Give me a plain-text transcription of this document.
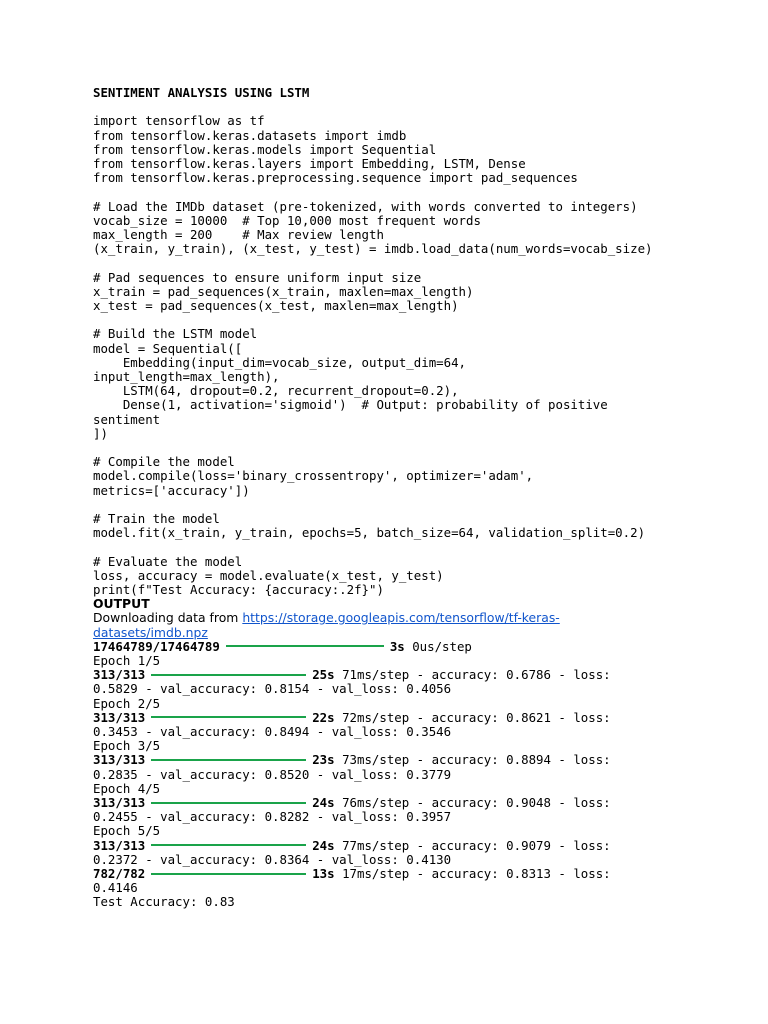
SENTIMENT ANALYSIS USING LSTM
import tensorflow as tf
from tensorflow.keras.datasets import imdb
from tensorflow.keras.models import Sequential
from tensorflow.keras.layers import Embedding, LSTM, Dense
from tensorflow.keras.preprocessing.sequence import pad_sequences
# Load the IMDb dataset (pre-tokenized, with words converted to integers)
vocab_size = 10000  # Top 10,000 most frequent words
max_length = 200    # Max review length
(x_train, y_train), (x_test, y_test) = imdb.load_data(num_words=vocab_size)
# Pad sequences to ensure uniform input size
x_train = pad_sequences(x_train, maxlen=max_length)
x_test = pad_sequences(x_test, maxlen=max_length)
# Build the LSTM model
model = Sequential([
Embedding(input_dim=vocab_size, output_dim=64,
input_length=max_length),
LSTM(64, dropout=0.2, recurrent_dropout=0.2),
Dense(1, activation='sigmoid')  # Output: probability of positive
sentiment
])
# Compile the model
model.compile(loss='binary_crossentropy', optimizer='adam',
metrics=['accuracy'])
# Train the model
model.fit(x_train, y_train, epochs=5, batch_size=64, validation_split=0.2)
# Evaluate the model
loss, accuracy = model.evaluate(x_test, y_test)
print(f"Test Accuracy: {accuracy:.2f}")
OUTPUT
Downloading data from https://storage.googleapis.com/tensorflow/tf-keras-
datasets/imdb.npz
17464789/17464789	3s 0us/step
Epoch 1/5
313/313	25s 71ms/step - accuracy: 0.6786 - loss:
0.5829 - val_accuracy: 0.8154 - val_loss: 0.4056
Epoch 2/5
313/313	22s 72ms/step - accuracy: 0.8621 - loss:
0.3453 - val_accuracy: 0.8494 - val_loss: 0.3546
Epoch 3/5
313/313	23s 73ms/step - accuracy: 0.8894 - loss:
0.2835 - val_accuracy: 0.8520 - val_loss: 0.3779
Epoch 4/5
313/313	24s 76ms/step - accuracy: 0.9048 - loss:
0.2455 - val_accuracy: 0.8282 - val_loss: 0.3957
Epoch 5/5
313/313	24s 77ms/step - accuracy: 0.9079 - loss:
0.2372 - val_accuracy: 0.8364 - val_loss: 0.4130
782/782	13s 17ms/step - accuracy: 0.8313 - loss:
0.4146
Test Accuracy: 0.83
